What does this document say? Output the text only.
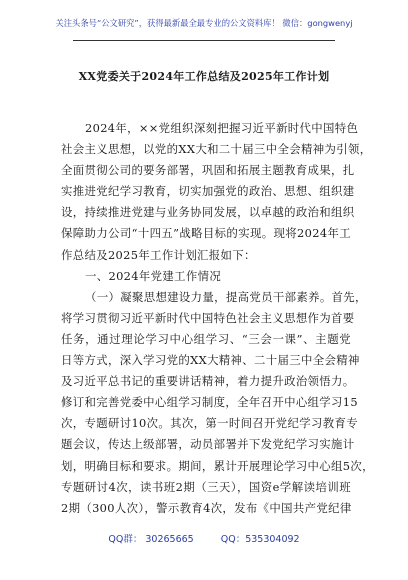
关注头条号“公文研究”，获得最新最全最专业的公文资料库！ 微信：gongwenyj
XX党委关于2024年工作总结及2025年工作计划
2024年，××党组织深刻把握习近平新时代中国特色
社会主义思想，以党的XX大和二十届三中全会精神为引领，
全面贯彻公司的要务部署，巩固和拓展主题教育成果，扎
实推进党纪学习教育，切实加强党的政治、思想、组织建
设，持续推进党建与业务协同发展，以卓越的政治和组织
保障助力公司“十四五”战略目标的实现。现将2024年工
作总结及2025年工作计划汇报如下：
一、2024年党建工作情况
（一）凝聚思想建设力量，提高党员干部素养。首先，
将学习贯彻习近平新时代中国特色社会主义思想作为首要
任务，通过理论学习中心组学习、“三会一课”、主题党
日等方式，深入学习党的XX大精神、二十届三中全会精神
及习近平总书记的重要讲话精神，着力提升政治领悟力。
修订和完善党委中心组学习制度，全年召开中心组学习15
次，专题研讨10次。其次，第一时间召开党纪学习教育专
题会议，传达上级部署，动员部署并下发党纪学习实施计
划，明确目标和要求。期间，累计开展理论学习中心组5次，
专题研讨4次，读书班2期（三天），国资e学解读培训班
2期（300人次），警示教育4次，发布《中国共产党纪律
QQ群： 30265665	QQ：535304092
